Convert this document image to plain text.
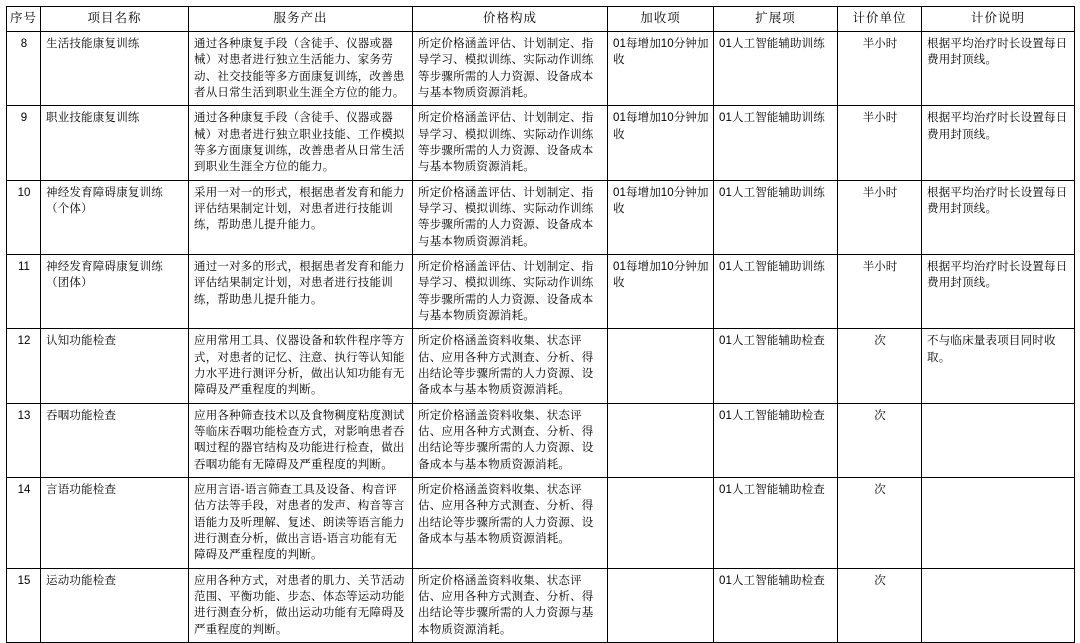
序号	项目名称	服务产出	价格构成	加收项	扩展项	计价单位	计价说明

8	生活技能康复训练	通过各种康复手段（含徒手、仪器或器械）对患者进行独立生活能力、家务劳动、社交技能等多方面康复训练，改善患者从日常生活到职业生涯全方位的能力。	所定价格涵盖评估、计划制定、指导学习、模拟训练、实际动作训练等步骤所需的人力资源、设备成本与基本物质资源消耗。	01每增加10分钟加收	01人工智能辅助训练	半小时	根据平均治疗时长设置每日费用封顶线。

9	职业技能康复训练	通过各种康复手段（含徒手、仪器或器械）对患者进行独立职业技能、工作模拟等多方面康复训练，改善患者从日常生活到职业生涯全方位的能力。	所定价格涵盖评估、计划制定、指导学习、模拟训练、实际动作训练等步骤所需的人力资源、设备成本与基本物质资源消耗。	01每增加10分钟加收	01人工智能辅助训练	半小时	根据平均治疗时长设置每日费用封顶线。

10	神经发育障碍康复训练（个体）	采用一对一的形式，根据患者发育和能力评估结果制定计划，对患者进行技能训练，帮助患儿提升能力。	所定价格涵盖评估、计划制定、指导学习、模拟训练、实际动作训练等步骤所需的人力资源、设备成本与基本物质资源消耗。	01每增加10分钟加收	01人工智能辅助训练	半小时	根据平均治疗时长设置每日费用封顶线。

11	神经发育障碍康复训练（团体）	通过一对多的形式，根据患者发育和能力评估结果制定计划，对患者进行技能训练，帮助患儿提升能力。	所定价格涵盖评估、计划制定、指导学习、模拟训练、实际动作训练等步骤所需的人力资源、设备成本与基本物质资源消耗。	01每增加10分钟加收	01人工智能辅助训练	半小时	根据平均治疗时长设置每日费用封顶线。

12	认知功能检查	应用常用工具、仪器设备和软件程序等方式，对患者的记忆、注意、执行等认知能力水平进行测评分析，做出认知功能有无障碍及严重程度的判断。	所定价格涵盖资料收集、状态评估、应用各种方式测查、分析、得出结论等步骤所需的人力资源、设备成本与基本物质资源消耗。		01人工智能辅助检查	次	不与临床量表项目同时收取。

13	吞咽功能检查	应用各种筛查技术以及食物稠度粘度测试等临床吞咽功能检查方式，对影响患者吞咽过程的器官结构及功能进行检查，做出吞咽功能有无障碍及严重程度的判断。	所定价格涵盖资料收集、状态评估、应用各种方式测查、分析、得出结论等步骤所需的人力资源、设备成本与基本物质资源消耗。		01人工智能辅助检查	次	

14	言语功能检查	应用言语-语言筛查工具及设备、构音评估方法等手段，对患者的发声、构音等言语能力及听理解、复述、朗读等语言能力进行测查分析，做出言语-语言功能有无障碍及严重程度的判断。	所定价格涵盖资料收集、状态评估、应用各种方式测查、分析、得出结论等步骤所需的人力资源、设备成本与基本物质资源消耗。		01人工智能辅助检查	次	

15	运动功能检查	应用各种方式，对患者的肌力、关节活动范围、平衡功能、步态、体态等运动功能进行测查分析，做出运动功能有无障碍及严重程度的判断。	所定价格涵盖资料收集、状态评估、应用各种方式测查、分析、得出结论等步骤所需的人力资源与基本物质资源消耗。		01人工智能辅助检查	次	
